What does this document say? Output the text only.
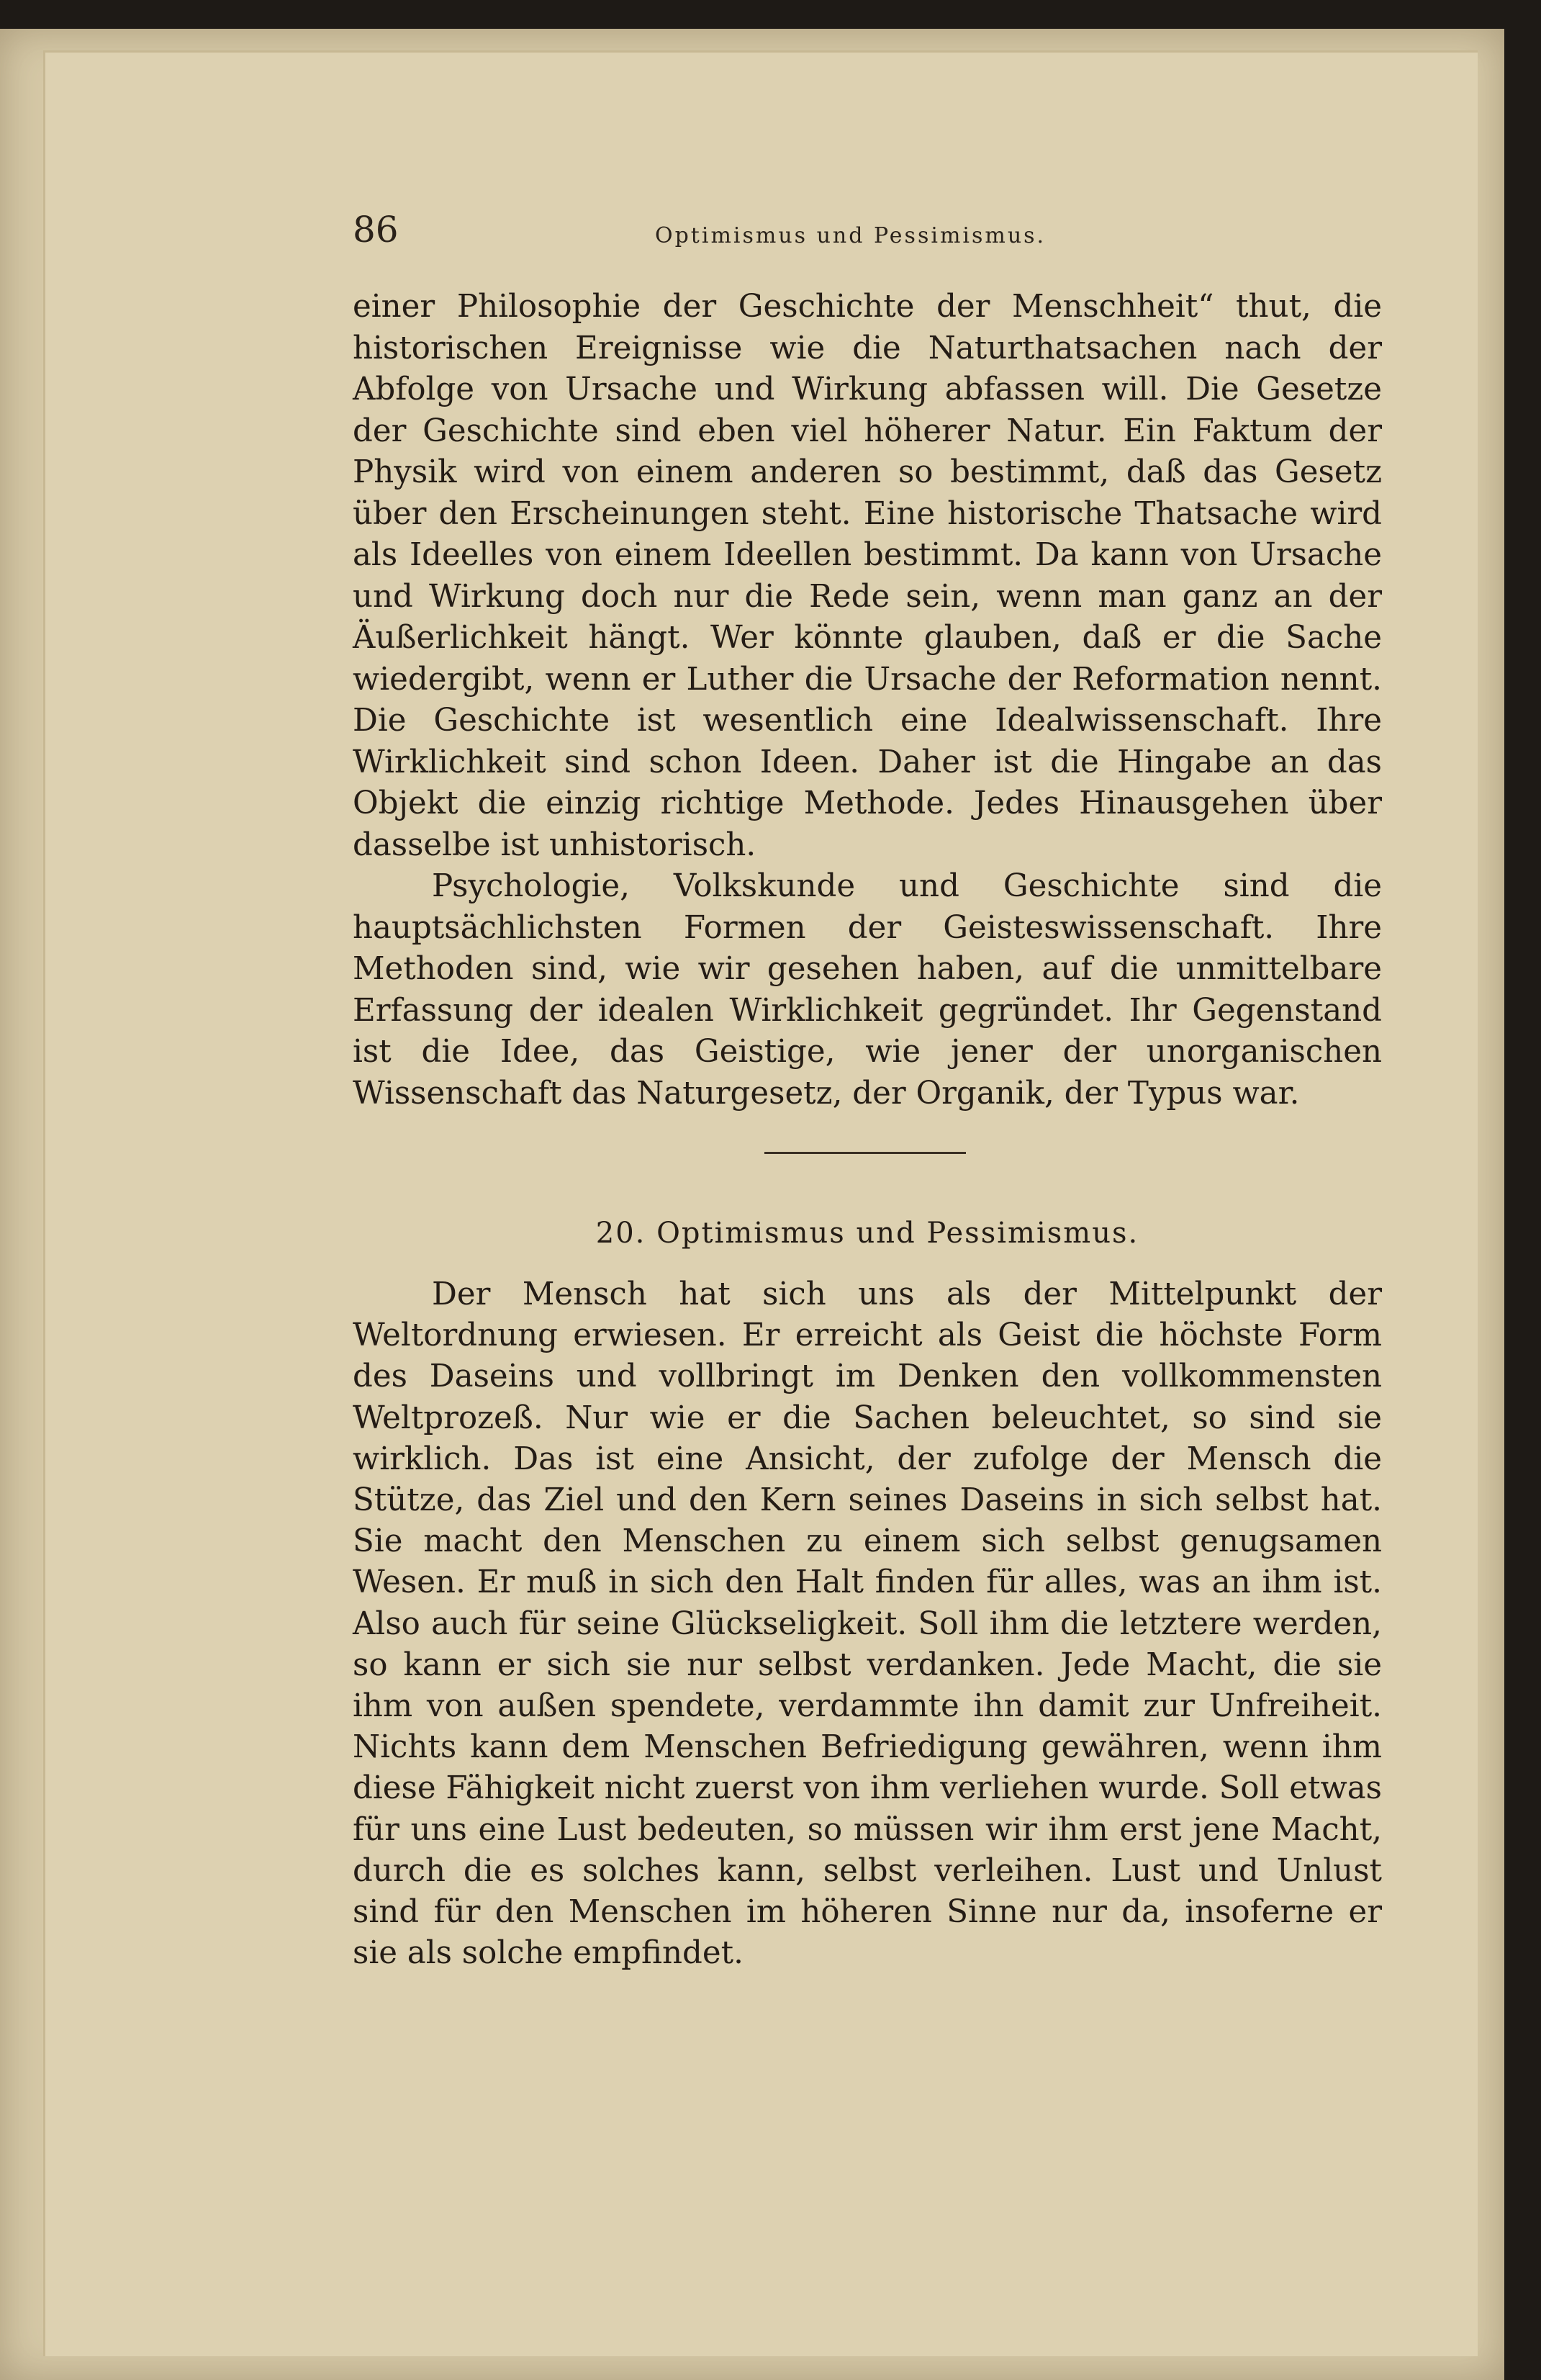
86	Optimismus und Pessimismus.

einer Philosophie der Geschichte der Menschheit“ thut, die historischen Ereignisse wie die Naturthatsachen nach der Abfolge von Ursache und Wirkung abfassen will. Die Gesetze der Geschichte sind eben viel höherer Natur. Ein Faktum der Physik wird von einem anderen so bestimmt, daß das Gesetz über den Erscheinungen steht. Eine historische Thatsache wird als Ideelles von einem Ideellen bestimmt. Da kann von Ursache und Wirkung doch nur die Rede sein, wenn man ganz an der Äußerlichkeit hängt. Wer könnte glauben, daß er die Sache wiedergibt, wenn er Luther die Ursache der Reformation nennt. Die Geschichte ist wesentlich eine Idealwissenschaft. Ihre Wirklichkeit sind schon Ideen. Daher ist die Hingabe an das Objekt die einzig richtige Methode. Jedes Hinausgehen über dasselbe ist unhistorisch.

Psychologie, Volkskunde und Geschichte sind die hauptsächlichsten Formen der Geisteswissenschaft. Ihre Methoden sind, wie wir gesehen haben, auf die unmittelbare Erfassung der idealen Wirklichkeit gegründet. Ihr Gegenstand ist die Idee, das Geistige, wie jener der unorganischen Wissenschaft das Naturgesetz, der Organik, der Typus war.

20. Optimismus und Pessimismus.

Der Mensch hat sich uns als der Mittelpunkt der Weltordnung erwiesen. Er erreicht als Geist die höchste Form des Daseins und vollbringt im Denken den vollkommensten Weltprozeß. Nur wie er die Sachen beleuchtet, so sind sie wirklich. Das ist eine Ansicht, der zufolge der Mensch die Stütze, das Ziel und den Kern seines Daseins in sich selbst hat. Sie macht den Menschen zu einem sich selbst genugsamen Wesen. Er muß in sich den Halt finden für alles, was an ihm ist. Also auch für seine Glückseligkeit. Soll ihm die letztere werden, so kann er sich sie nur selbst verdanken. Jede Macht, die sie ihm von außen spendete, verdammte ihn damit zur Unfreiheit. Nichts kann dem Menschen Befriedigung gewähren, wenn ihm diese Fähigkeit nicht zuerst von ihm verliehen wurde. Soll etwas für uns eine Lust bedeuten, so müssen wir ihm erst jene Macht, durch die es solches kann, selbst verleihen. Lust und Unlust sind für den Menschen im höheren Sinne nur da, insoferne er sie als solche empfindet.
